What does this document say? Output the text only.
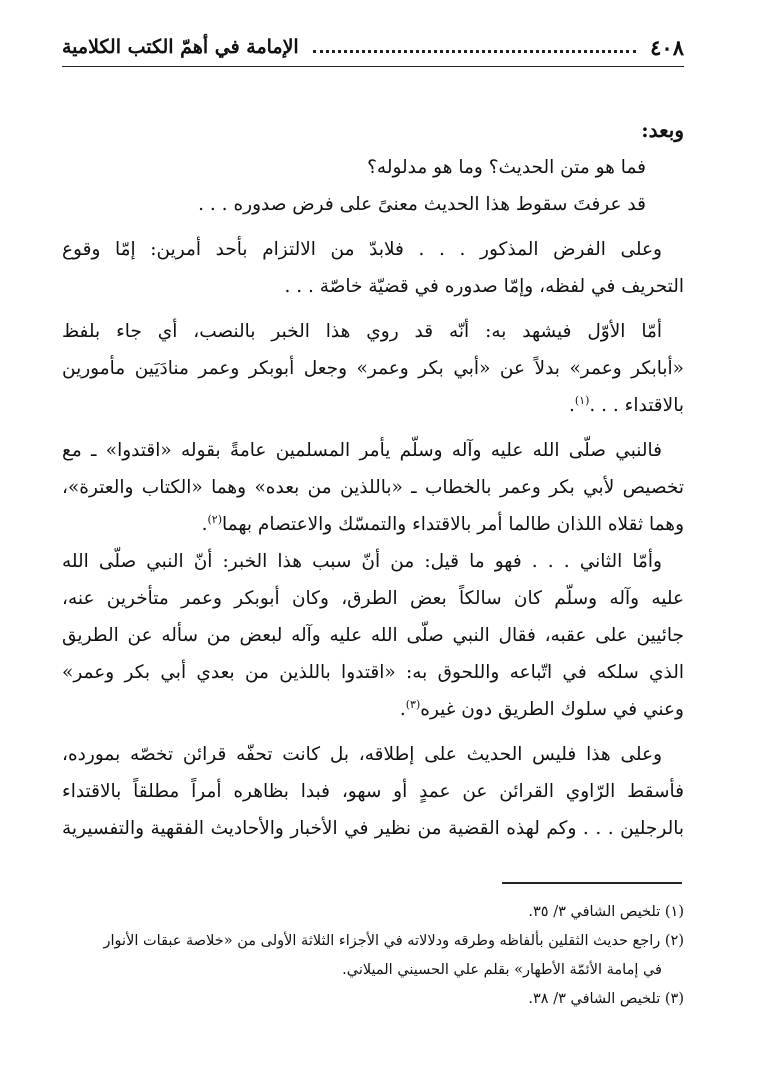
٤٠٨
الإمامة في أهمّ الكتب الكلامية
وبعد:
فما هو متن الحديث؟ وما هو مدلوله؟
قد عرفتَ سقوط هذا الحديث معنىً على فرض صدوره . . .
وعلى الفرض المذكور . . . فلابدّ من الالتزام بأحد أمرين: إمّا وقوع
التحريف في لفظه، وإمّا صدوره في قضيّة خاصّة . . .
أمّا الأوّل فيشهد به: أنّه قد روي هذا الخبر بالنصب، أي جاء بلفظ
«أبابكر وعمر» بدلاً عن «أبي بكر وعمر» وجعل أبوبكر وعمر منادَيَين مأمورين
بالاقتداء . . .$^{(١)}$.
فالنبي صلّى الله عليه وآله وسلّم يأمر المسلمين عامةً بقوله «اقتدوا» ـ مع
تخصيص لأبي بكر وعمر بالخطاب ـ «باللذين من بعده» وهما «الكتاب والعترة»،
وهما ثقلاه اللذان طالما أمر بالاقتداء والتمسّك والاعتصام بهما$^{(٢)}$.
وأمّا الثاني . . . فهو ما قيل: من أنّ سبب هذا الخبر: أنّ النبي صلّى الله
عليه وآله وسلّم كان سالكاً بعض الطرق، وكان أبوبكر وعمر متأخرين عنه،
جائيين على عقبه، فقال النبي صلّى الله عليه وآله لبعض من سأله عن الطريق
الذي سلكه في اتّباعه واللحوق به: «اقتدوا باللذين من بعدي أبي بكر وعمر»
وعني في سلوك الطريق دون غيره$^{(٣)}$.
وعلى هذا فليس الحديث على إطلاقه، بل كانت تحفّه قرائن تخصّه بمورده،
فأسقط الرّاوي القرائن عن عمدٍ أو سهو، فبدا بظاهره أمراً مطلقاً بالاقتداء
بالرجلين . . . وكم لهذه القضية من نظير في الأخبار والأحاديث الفقهية والتفسيرية
(١) تلخيص الشافي ٣/ ٣٥.
(٢) راجع حديث الثقلين بألفاظه وطرقه ودلالاته في الأجزاء الثلاثة الأولى من «خلاصة عبقات الأنوار
في إمامة الأئمّة الأطهار» بقلم علي الحسيني الميلاني.
(٣) تلخيص الشافي ٣/ ٣٨.
